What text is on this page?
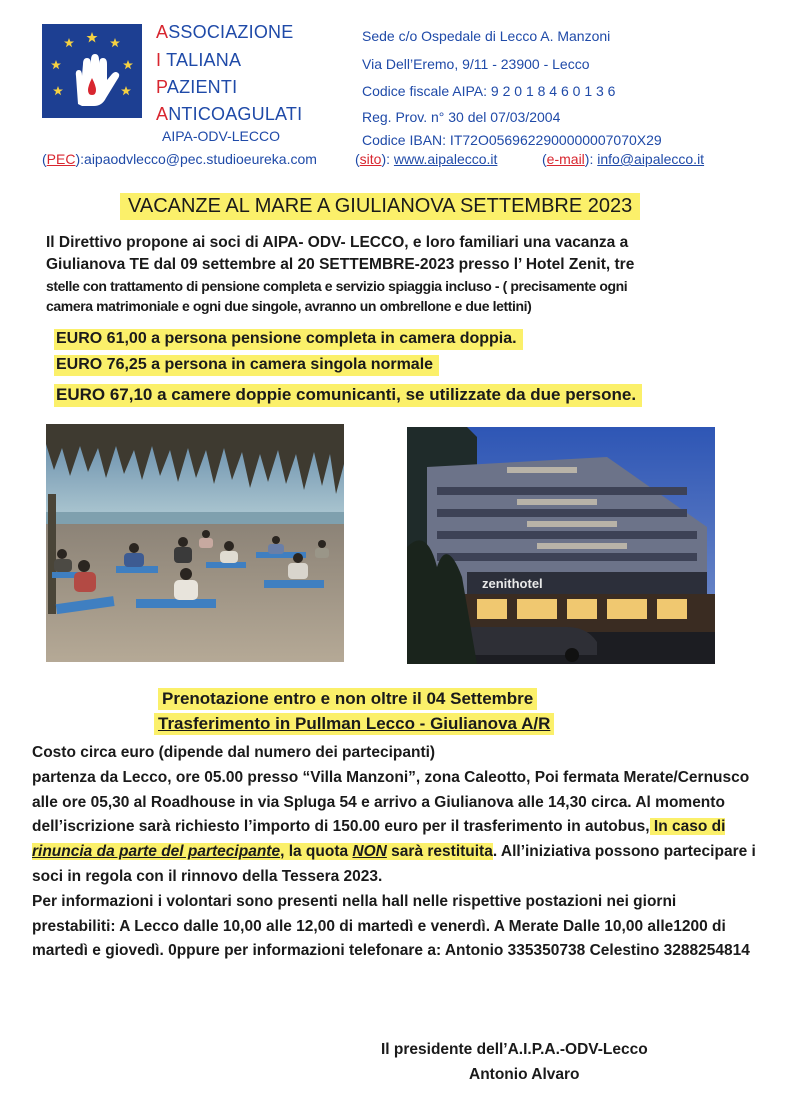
ASSOCIAZIONE
I TALIANA
PAZIENTI
ANTICOAGULATI
AIPA-ODV-LECCO
Sede c/o Ospedale di Lecco A. Manzoni
Via Dell’Eremo, 9/11 - 23900 - Lecco
Codice fiscale AIPA: 9 2 0 1 8 4 6 0 1 3 6
Reg. Prov. n° 30 del 07/03/2004
Codice IBAN: IT72O0569622900000007070X29
(PEC):aipaodvlecco@pec.studioeureka.com	(sito): www.aipalecco.it	(e-mail): info@aipalecco.it
VACANZE AL MARE A GIULIANOVA SETTEMBRE 2023
Il Direttivo propone ai soci di AIPA- ODV- LECCO, e loro familiari una vacanza a
Giulianova TE dal 09 settembre al 20 SETTEMBRE-2023 presso l’ Hotel Zenit, tre
stelle con trattamento di pensione completa e servizio spiaggia incluso - ( precisamente ogni
camera matrimoniale e ogni due singole, avranno un ombrellone e due lettini)
EURO 61,00 a persona pensione completa in camera doppia.
EURO 76,25 a persona in camera singola normale
EURO 67,10 a camere doppie comunicanti, se utilizzate da due persone.
zenithotel
Prenotazione entro e non oltre il 04 Settembre
Trasferimento in Pullman Lecco - Giulianova A/R

Costo circa euro (dipende dal numero dei partecipanti)

partenza da Lecco, ore 05.00 presso “Villa Manzoni”, zona Caleotto, Poi fermata Merate/Cernusco alle ore 05,30 al Roadhouse in via Spluga 54 e arrivo a Giulianova alle 14,30 circa. Al momento dell’iscrizione sarà richiesto l’importo di 150.00 euro per il trasferimento in autobus, In caso di rinuncia da parte del partecipante, la quota NON sarà restituita. All’iniziativa possono partecipare i soci in regola con il rinnovo della Tessera 2023.

Per informazioni i volontari sono presenti nella hall nelle rispettive postazioni nei giorni prestabiliti: A Lecco dalle 10,00 alle 12,00 di martedì e venerdì. A Merate Dalle 10,00 alle1200 di martedì e giovedì. 0ppure per informazioni telefonare a: Antonio 335350738 Celestino 3288254814

Il presidente dell’A.I.P.A.-ODV-Lecco
Antonio Alvaro
